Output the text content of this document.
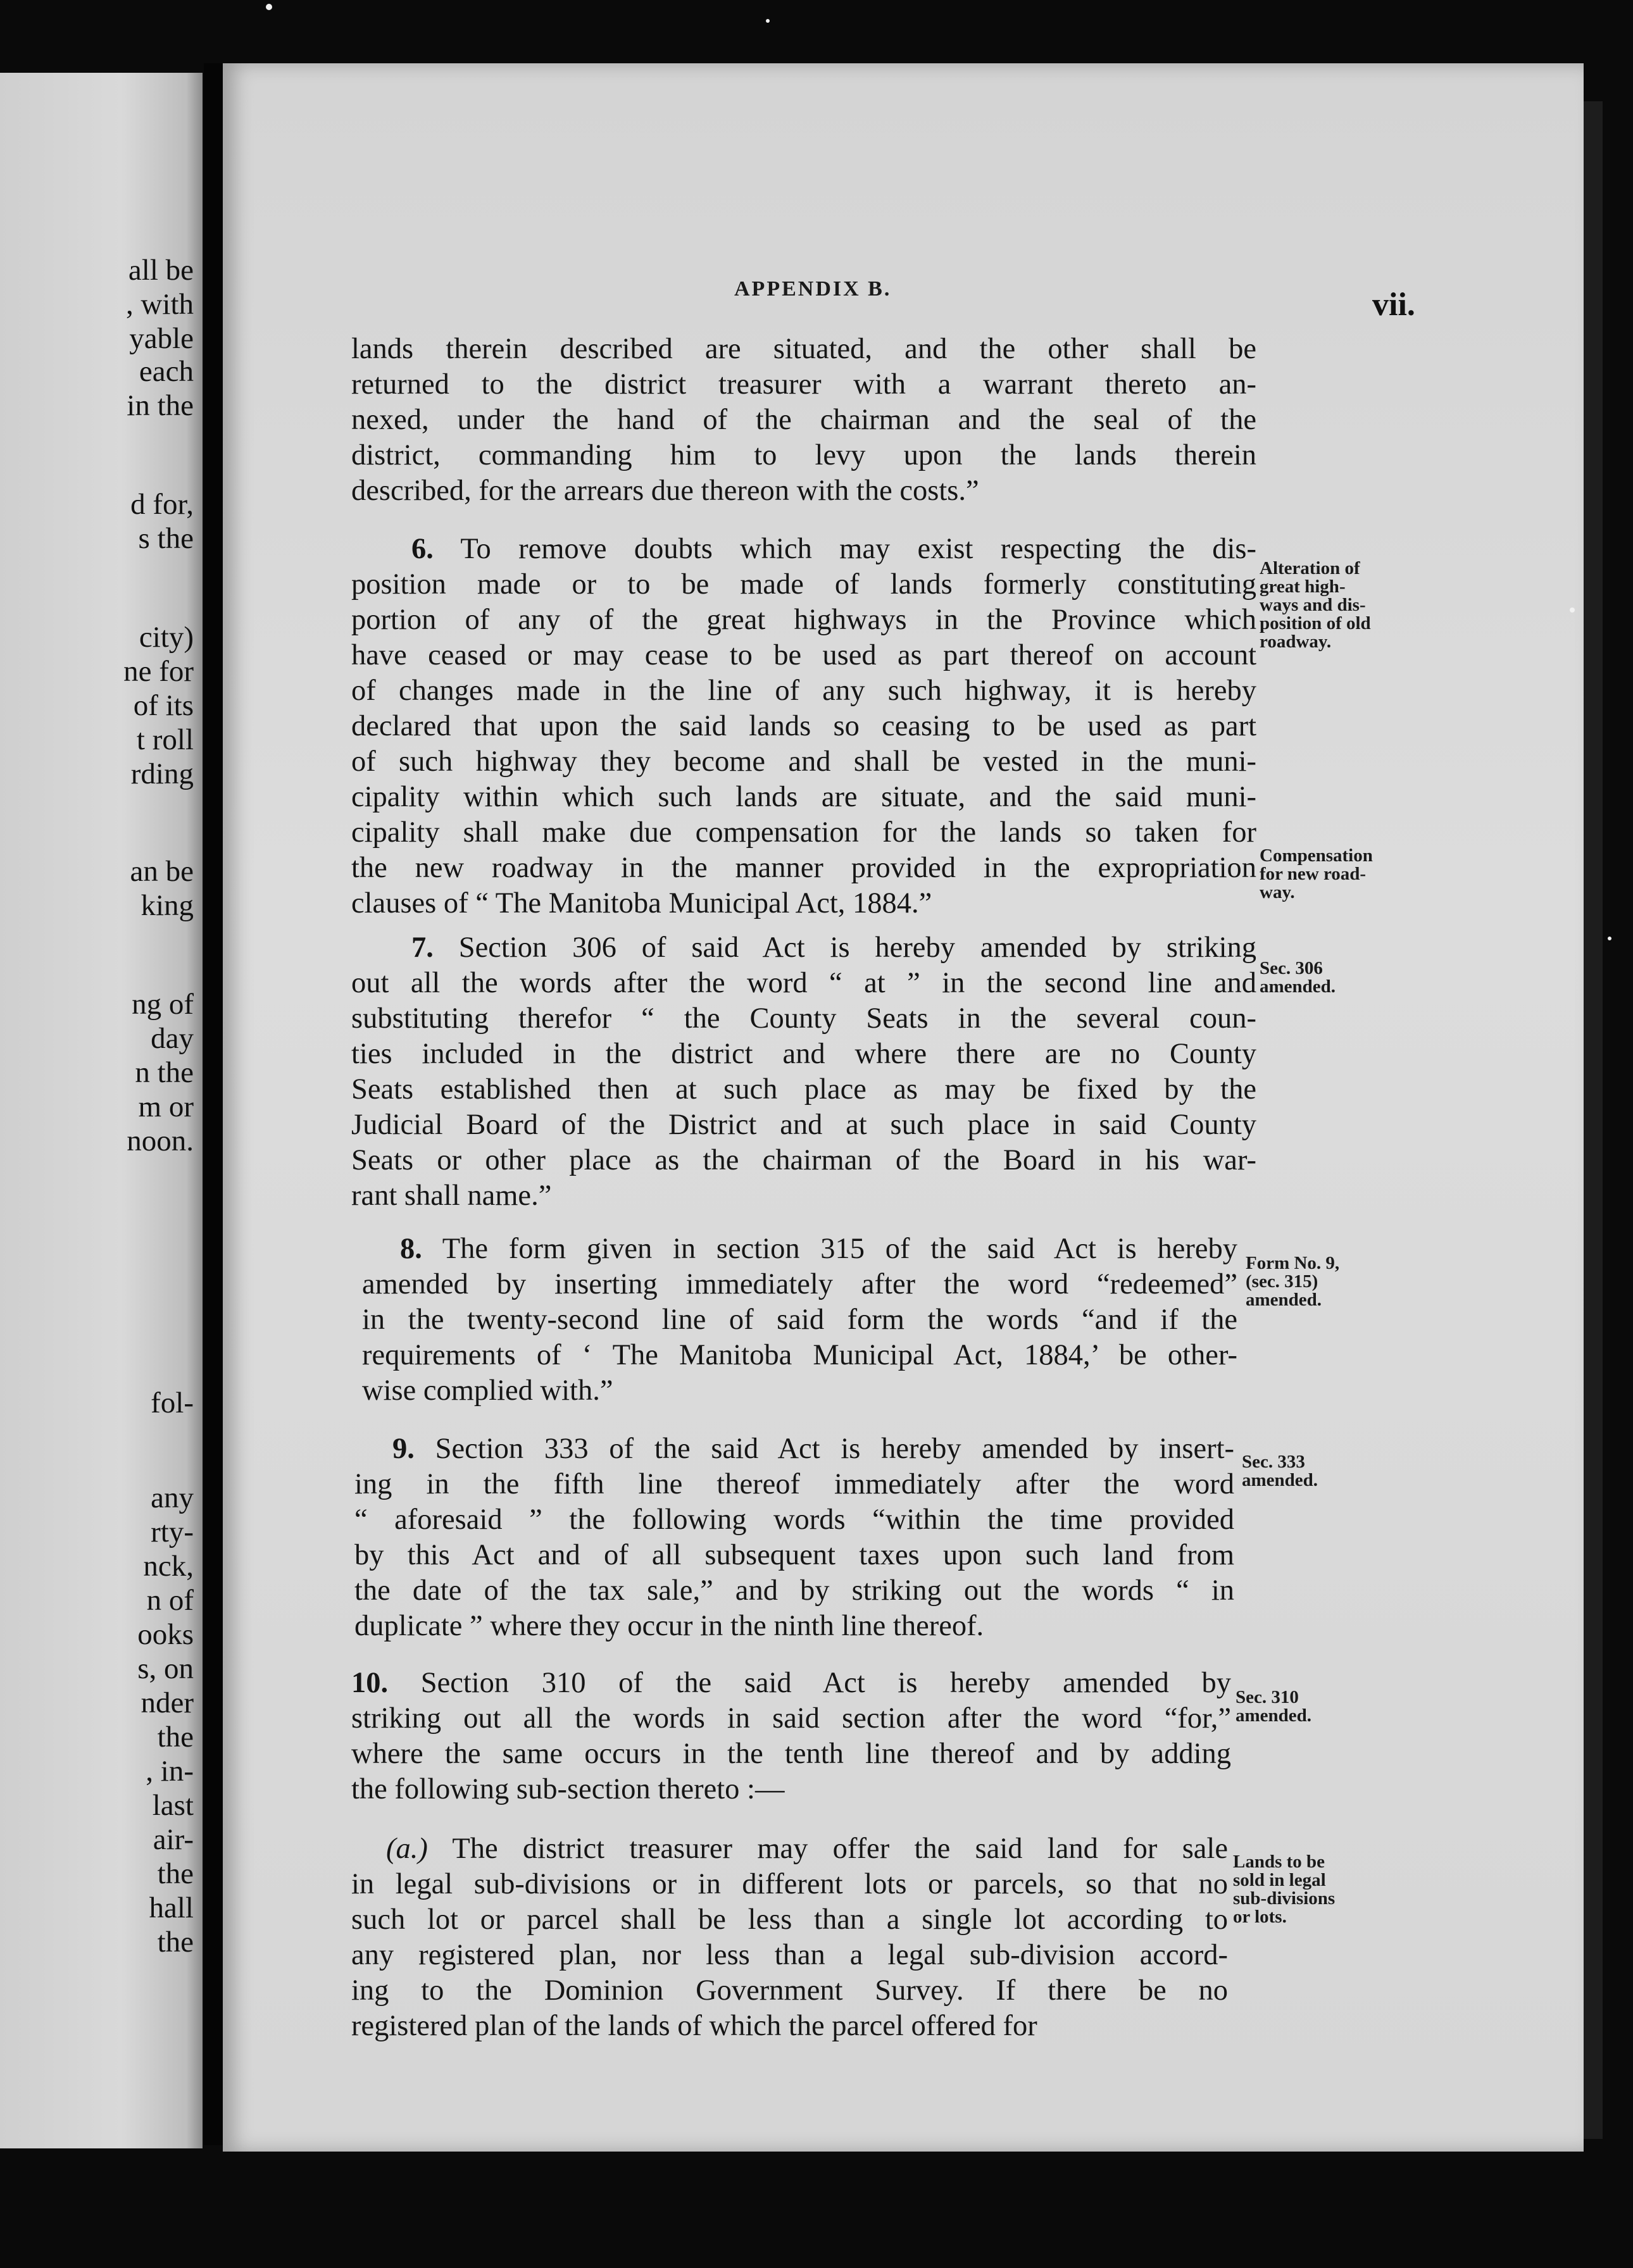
all be
, with
yable
each
in the
d for,
s the
city)
ne for
of its
t roll
rding
an be
king
ng of
day
n the
m or
noon.
fol-
any
rty-
nck,
n of
ooks
s, on
nder
the
, in-
last
air-
the
hall
the
APPENDIX B.	vii.
lands therein described are situated, and the other shall be
returned to the district treasurer with a warrant thereto an-
nexed, under the hand of the chairman and the seal of the
district, commanding him to levy upon the lands therein
described, for the arrears due thereon with the costs.”
6. To remove doubts which may exist respecting the dis-
position made or to be made of lands formerly constituting
portion of any of the great highways in the Province which
have ceased or may cease to be used as part thereof on account
of changes made in the line of any such highway, it is hereby
declared that upon the said lands so ceasing to be used as part
of such highway they become and shall be vested in the muni-
cipality within which such lands are situate, and the said muni-
cipality shall make due compensation for the lands so taken for
the new roadway in the manner provided in the expropriation
clauses of “ The Manitoba Municipal Act, 1884.”
7. Section 306 of said Act is hereby amended by striking
out all the words after the word “ at ” in the second line and
substituting therefor “ the County Seats in the several coun-
ties included in the district and where there are no County
Seats established then at such place as may be fixed by the
Judicial Board of the District and at such place in said County
Seats or other place as the chairman of the Board in his war-
rant shall name.”
8. The form given in section 315 of the said Act is hereby
amended by inserting immediately after the word “redeemed”
in the twenty-second line of said form the words “and if the
requirements of ‘ The Manitoba Municipal Act, 1884,’ be other-
wise complied with.”
9. Section 333 of the said Act is hereby amended by insert-
ing in the fifth line thereof immediately after the word
“ aforesaid ” the following words “within the time provided
by this Act and of all subsequent taxes upon such land from
the date of the tax sale,” and by striking out the words “ in
duplicate ” where they occur in the ninth line thereof.
10. Section 310 of the said Act is hereby amended by
striking out all the words in said section after the word “for,”
where the same occurs in the tenth line thereof and by adding
the following sub-section thereto :—
(a.) The district treasurer may offer the said land for sale
in legal sub-divisions or in different lots or parcels, so that no
such lot or parcel shall be less than a single lot according to
any registered plan, nor less than a legal sub-division accord-
ing to the Dominion Government Survey. If there be no
registered plan of the lands of which the parcel offered for
Alteration of
great high-
ways and dis-
position of old
roadway.
Compensation
for new road-
way.
Sec. 306
amended.
Form No. 9,
(sec. 315)
amended.
Sec. 333
amended.
Sec. 310
amended.
Lands to be
sold in legal
sub-divisions
or lots.
